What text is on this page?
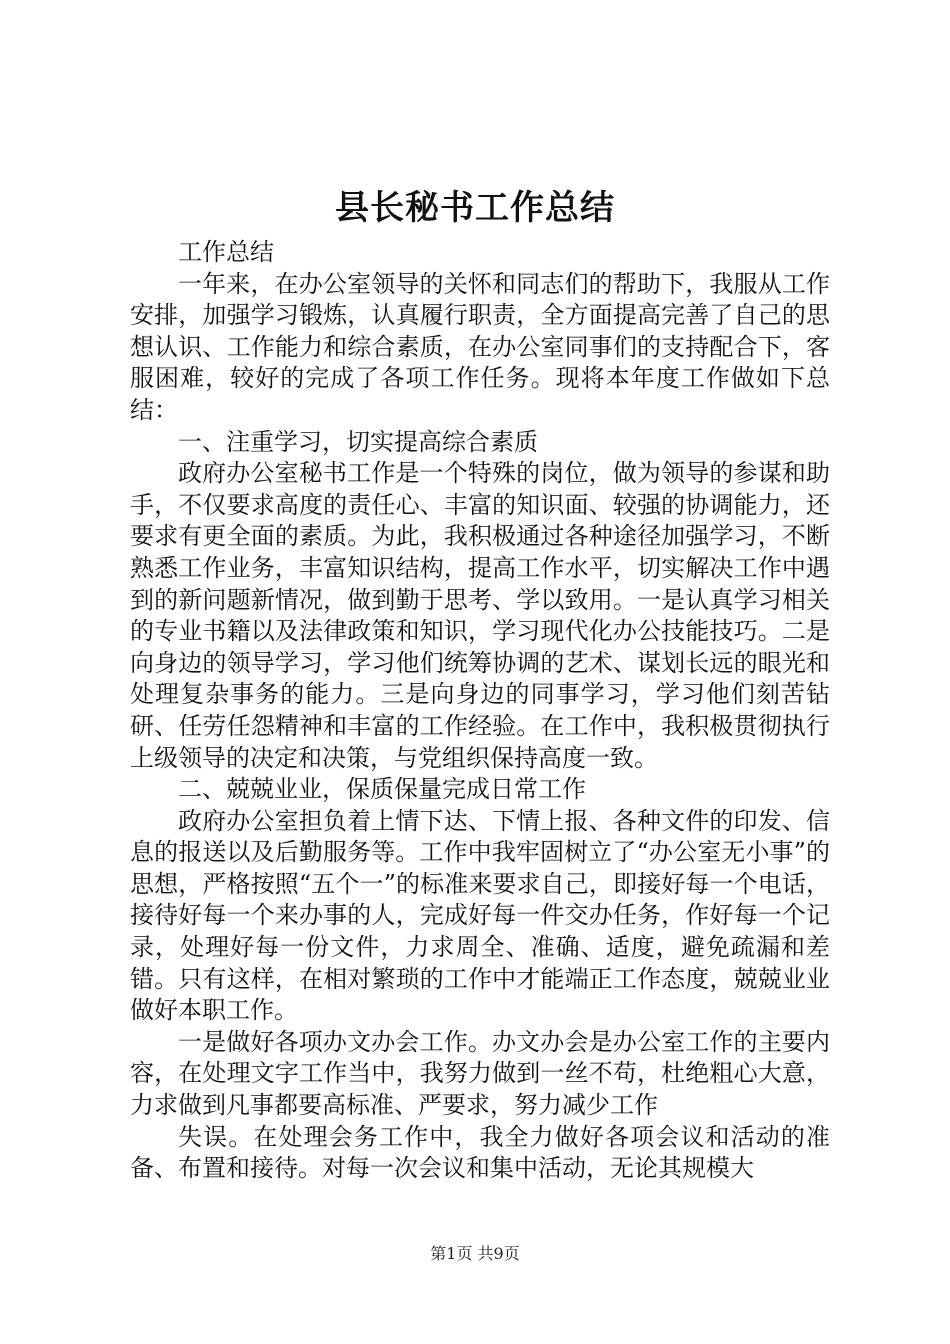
县长秘书工作总结

工作总结

一年来，在办公室领导的关怀和同志们的帮助下，我服从工作安排，加强学习锻炼，认真履行职责，全方面提高完善了自己的思想认识、工作能力和综合素质，在办公室同事们的支持配合下，客服困难，较好的完成了各项工作任务。现将本年度工作做如下总结：

一、注重学习，切实提高综合素质

政府办公室秘书工作是一个特殊的岗位，做为领导的参谋和助手，不仅要求高度的责任心、丰富的知识面、较强的协调能力，还要求有更全面的素质。为此，我积极通过各种途径加强学习，不断熟悉工作业务，丰富知识结构，提高工作水平，切实解决工作中遇到的新问题新情况，做到勤于思考、学以致用。一是认真学习相关的专业书籍以及法律政策和知识，学习现代化办公技能技巧。二是向身边的领导学习，学习他们统筹协调的艺术、谋划长远的眼光和处理复杂事务的能力。三是向身边的同事学习，学习他们刻苦钻研、任劳任怨精神和丰富的工作经验。在工作中，我积极贯彻执行上级领导的决定和决策，与党组织保持高度一致。

二、兢兢业业，保质保量完成日常工作

政府办公室担负着上情下达、下情上报、各种文件的印发、信息的报送以及后勤服务等。工作中我牢固树立了“办公室无小事”的思想，严格按照“五个一”的标准来要求自己，即接好每一个电话，接待好每一个来办事的人，完成好每一件交办任务，作好每一个记录，处理好每一份文件，力求周全、准确、适度，避免疏漏和差错。只有这样，在相对繁琐的工作中才能端正工作态度，兢兢业业做好本职工作。

一是做好各项办文办会工作。办文办会是办公室工作的主要内容，在处理文字工作当中，我努力做到一丝不苟，杜绝粗心大意，力求做到凡事都要高标准、严要求，努力减少工作

失误。在处理会务工作中，我全力做好各项会议和活动的准备、布置和接待。对每一次会议和集中活动，无论其规模大

第1页 共9页
